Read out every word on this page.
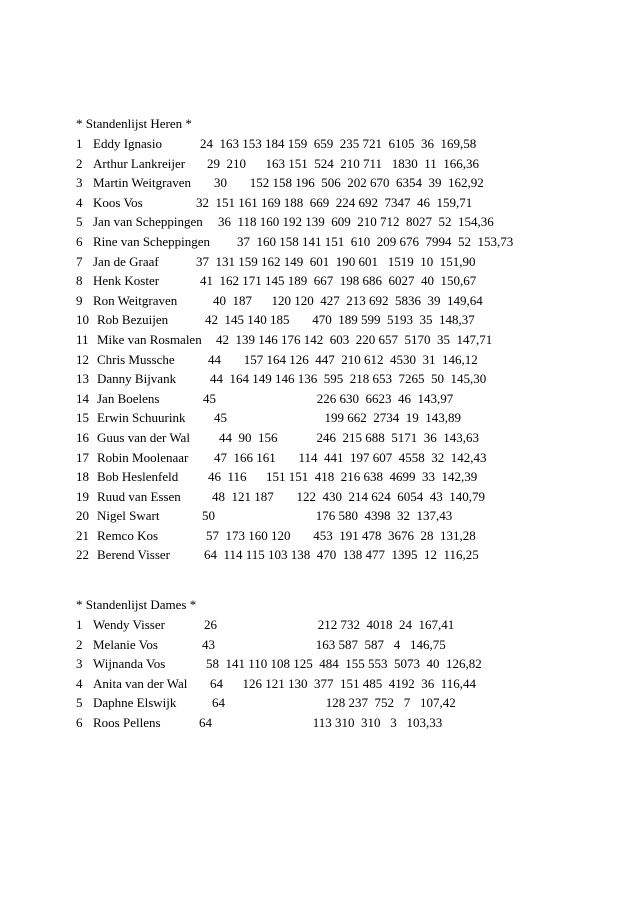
* Standenlijst Heren *
1 Eddy Ignasio	24  163 153 184 159  659  235 721  6105  36  169,58
2 Arthur Lankreijer 29  210      163 151  524  210 711   1830  11  166,36
3 Martin Weitgraven 30       152 158 196  506  202 670  6354  39  162,92
4 Koos Vos	32  151 161 169 188  669  224 692  7347  46  159,71
5 Jan van Scheppingen 36  118 160 192 139  609  210 712  8027  52  154,36
6 Rine van Scheppingen 37  160 158 141 151  610  209 676  7994  52  153,73
7 Jan de Graaf	37  131 159 162 149  601  190 601   1519  10  151,90
8 Henk Koster	41  162 171 145 189  667  198 686  6027  40  150,67
9 Ron Weitgraven	40  187      120 120  427  213 692  5836  39  149,64
10 Rob Bezuijen	42  145 140 185       470  189 599  5193  35  148,37
11 Mike van Rosmalen 42  139 146 176 142  603  220 657  5170  35  147,71
12 Chris Mussche	44       157 164 126  447  210 612  4530  31  146,12
13 Danny Bijvank	44  164 149 146 136  595  218 653  7265  50  145,30
14 Jan Boelens	45                               226 630  6623  46  143,97
15 Erwin Schuurink 45                              199 662  2734  19  143,89
16 Guus van der Wal 44  90  156            246  215 688  5171  36  143,63
17 Robin Moolenaar 47  166 161       114  441  197 607  4558  32  142,43
18 Bob Heslenfeld 46  116      151 151  418  216 638  4699  33  142,39
19 Ruud van Essen 48  121 187       122  430  214 624  6054  43  140,79
20 Nigel Swart	50                               176 580  4398  32  137,43
21 Remco Kos	57  173 160 120       453  191 478  3676  28  131,28
22 Berend Visser	64  114 115 103 138  470  138 477  1395  12  116,25
* Standenlijst Dames *
1 Wendy Visser	26                               212 732  4018  24  167,41
2 Melanie Vos	43                               163 587  587   4   146,75
3 Wijnanda Vos	58  141 110 108 125  484  155 553  5073  40  126,82
4 Anita van der Wal 64      126 121 130  377  151 485  4192  36  116,44
5 Daphne Elswijk	64                               128 237  752   7   107,42
6 Roos Pellens	64                               113 310  310   3   103,33
